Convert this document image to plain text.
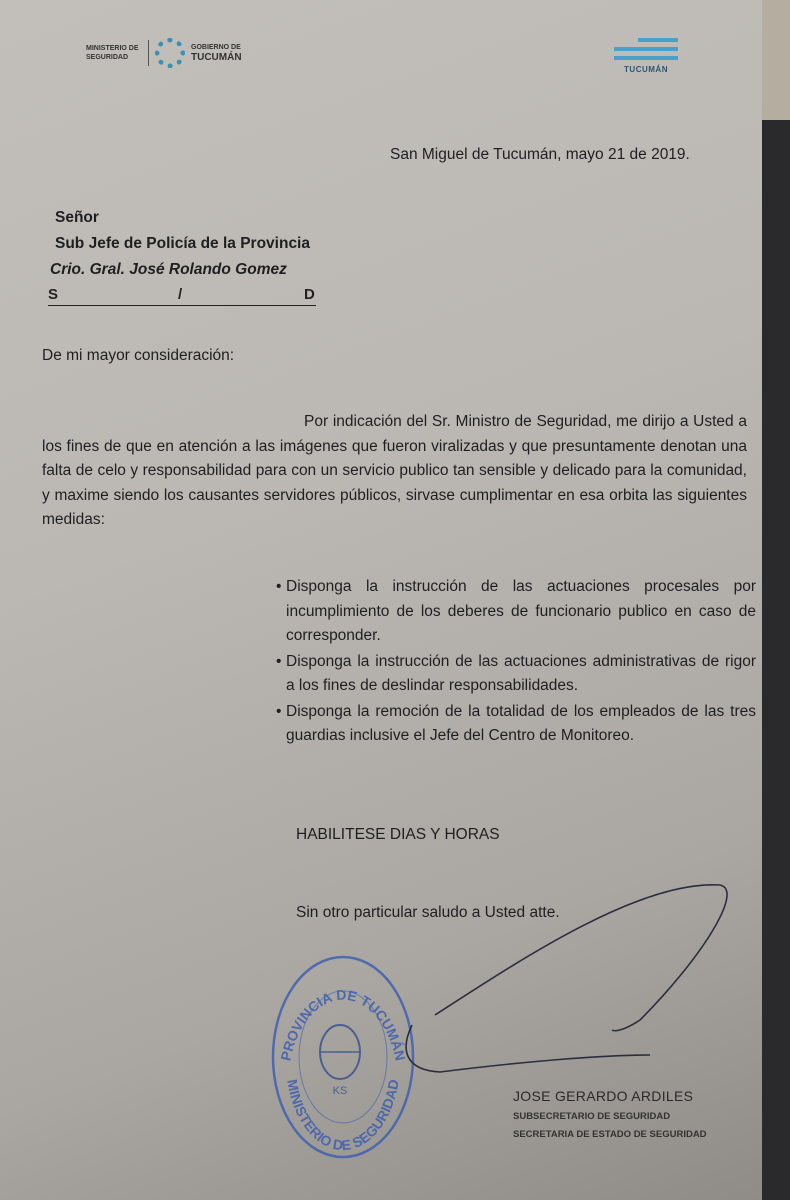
MINISTERIO DE SEGURIDAD
GOBIERNO DE
TUCUMÁN
TUCUMÁN
San Miguel de Tucumán, mayo 21 de 2019.
Señor
Sub Jefe de Policía de la Provincia
Crio. Gral. José Rolando Gomez
S	/	D
De mi mayor consideración:
Por indicación del Sr. Ministro de Seguridad, me dirijo a Usted a los fines de que en atención a las imágenes que fueron viralizadas y que presuntamente denotan una falta de celo y responsabilidad para con un servicio publico tan sensible y delicado para la comunidad, y maxime siendo los causantes servidores públicos, sirvase cumplimentar en esa orbita las siguientes medidas:
• Disponga la instrucción de las actuaciones procesales por incumplimiento de los deberes de funcionario publico en caso de corresponder.
• Disponga la instrucción de las actuaciones administrativas de rigor a los fines de deslindar responsabilidades.
• Disponga la remoción de la totalidad de los empleados de las tres guardias inclusive el Jefe del Centro de Monitoreo.
HABILITESE DIAS Y HORAS
Sin otro particular saludo a Usted atte.
PROVINCIA DE TUCUMÁN
MINISTERIO DE SEGURIDAD
KS	JOSE GERARDO ARDILES
SUBSECRETARIO DE SEGURIDAD
SECRETARIA DE ESTADO DE SEGURIDAD
